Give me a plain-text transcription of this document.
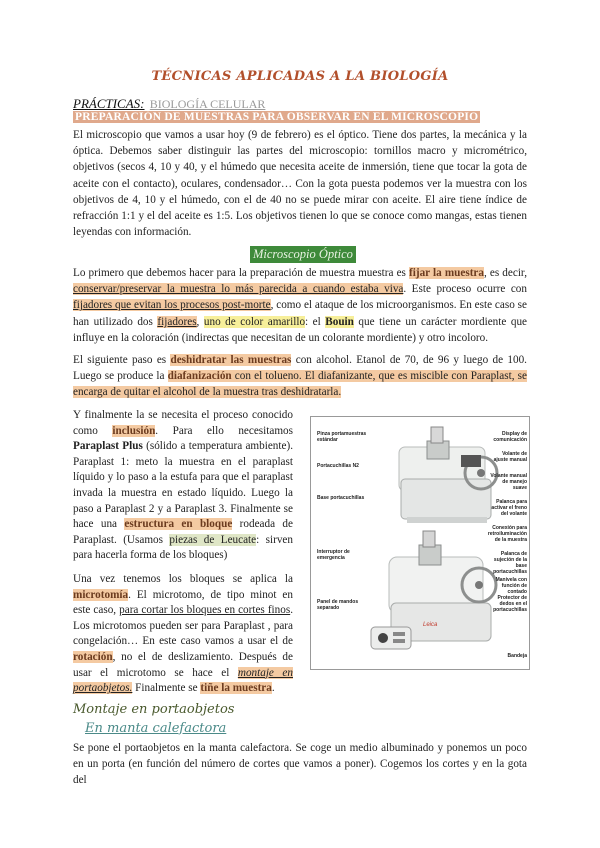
TÉCNICAS APLICADAS A LA BIOLOGÍA
PRÁCTICAS: BIOLOGÍA CELULAR
PREPARACIÓN DE MUESTRAS PARA OBSERVAR EN EL MICROSCOPIO
El microscopio que vamos a usar hoy (9 de febrero) es el óptico. Tiene dos partes, la mecánica y la óptica. Debemos saber distinguir las partes del microscopio: tornillos macro y micrométrico, objetivos (secos 4, 10 y 40, y el húmedo que necesita aceite de inmersión, tiene que tocar la gota de aceite con el contacto), oculares, condensador… Con la gota puesta podemos ver la muestra con los objetivos de 4, 10 y el húmedo, con el de 40 no se puede mirar con aceite. El aire tiene índice de refracción 1:1 y el del aceite es 1:5. Los objetivos tienen lo que se conoce como mangas, estas tienen leyendas con información.
Microscopio Óptico
Lo primero que debemos hacer para la preparación de muestra muestra es fijar la muestra, es decir, conservar/preservar la muestra lo más parecida a cuando estaba viva. Este proceso ocurre con fijadores que evitan los procesos post-morte, como el ataque de los microorganismos. En este caso se han utilizado dos fijadores, uno de color amarillo: el Bouin que tiene un carácter mordiente que influye en la coloración (indirectas que necesitan de un colorante mordiente) y otro incoloro.
El siguiente paso es deshidratar las muestras con alcohol. Etanol de 70, de 96 y luego de 100. Luego se produce la diafanización con el tolueno. El diafanizante, que es miscible con Paraplast, se encarga de quitar el alcohol de la muestra tras deshidratarla.
Y finalmente la se necesita el proceso conocido como inclusión. Para ello necesitamos Paraplast Plus (sólido a temperatura ambiente). Paraplast 1: meto la muestra en el paraplast líquido y lo paso a la estufa para que el paraplast invada la muestra en estado líquido. Luego la paso a Paraplast 2 y a Paraplast 3. Finalmente se hace una estructura en bloque rodeada de Paraplast. (Usamos piezas de Leucate: sirven para hacerla forma de los bloques)
Una vez tenemos los bloques se aplica la microtomía. El microtomo, de tipo minot en este caso, para cortar los bloques en cortes finos. Los microtomos pueden ser para Paraplast , para congelación… En este caso vamos a usar el de rotación, no el de deslizamiento. Después de usar el microtomo se hace el montaje en portaobjetos. Finalmente se tiñe la muestra.
Leica
Pinza portamuestras estándar
Portacuchillas N2
Base portacuchillas
Interruptor de emergencia
Panel de mandos separado
Display de comunicación
Volante de ajuste manual
Volante manual de manejo suave
Palanca para activar el freno del volante
Conexión para retroiluminación de la muestra
Palanca de sujeción de la base portacuchillas
Manivela con función de contado
Protector de dedos en el portacuchillas
Bandeja
Montaje en portaobjetos
En manta calefactora
Se pone el portaobjetos en la manta calefactora. Se coge un medio albuminado y ponemos un poco en un porta (en función del número de cortes que vamos a poner). Cogemos los cortes y en la gota del
